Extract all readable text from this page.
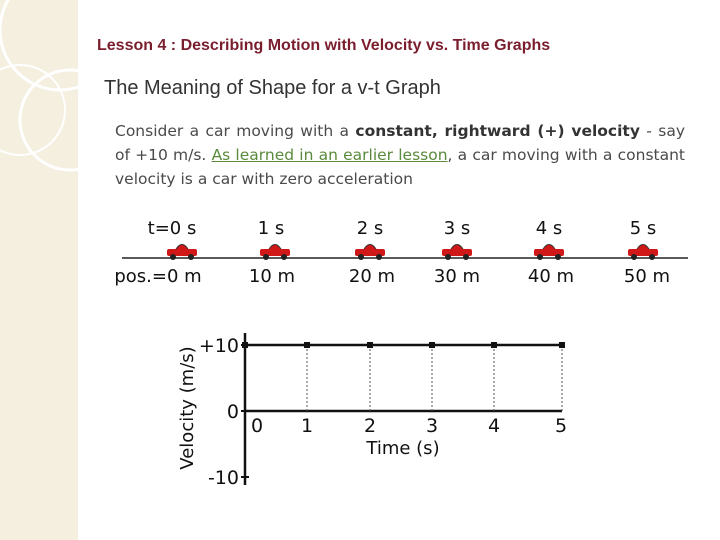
Lesson 4 : Describing Motion with Velocity vs. Time Graphs
The Meaning of Shape for a v-t Graph
Consider a car moving with a constant, rightward (+) velocity - say of +10 m/s. As learned in an earlier lesson, a car moving with a constant velocity is a car with zero acceleration
t=0 s	1 s	2 s	3 s	4 s	5 s
pos.=0 m	10 m	20 m 30 m	40 m	50 m
Velocity (m/s)	Time (s)
+10
0
-10
0 1	2	3	4	5
